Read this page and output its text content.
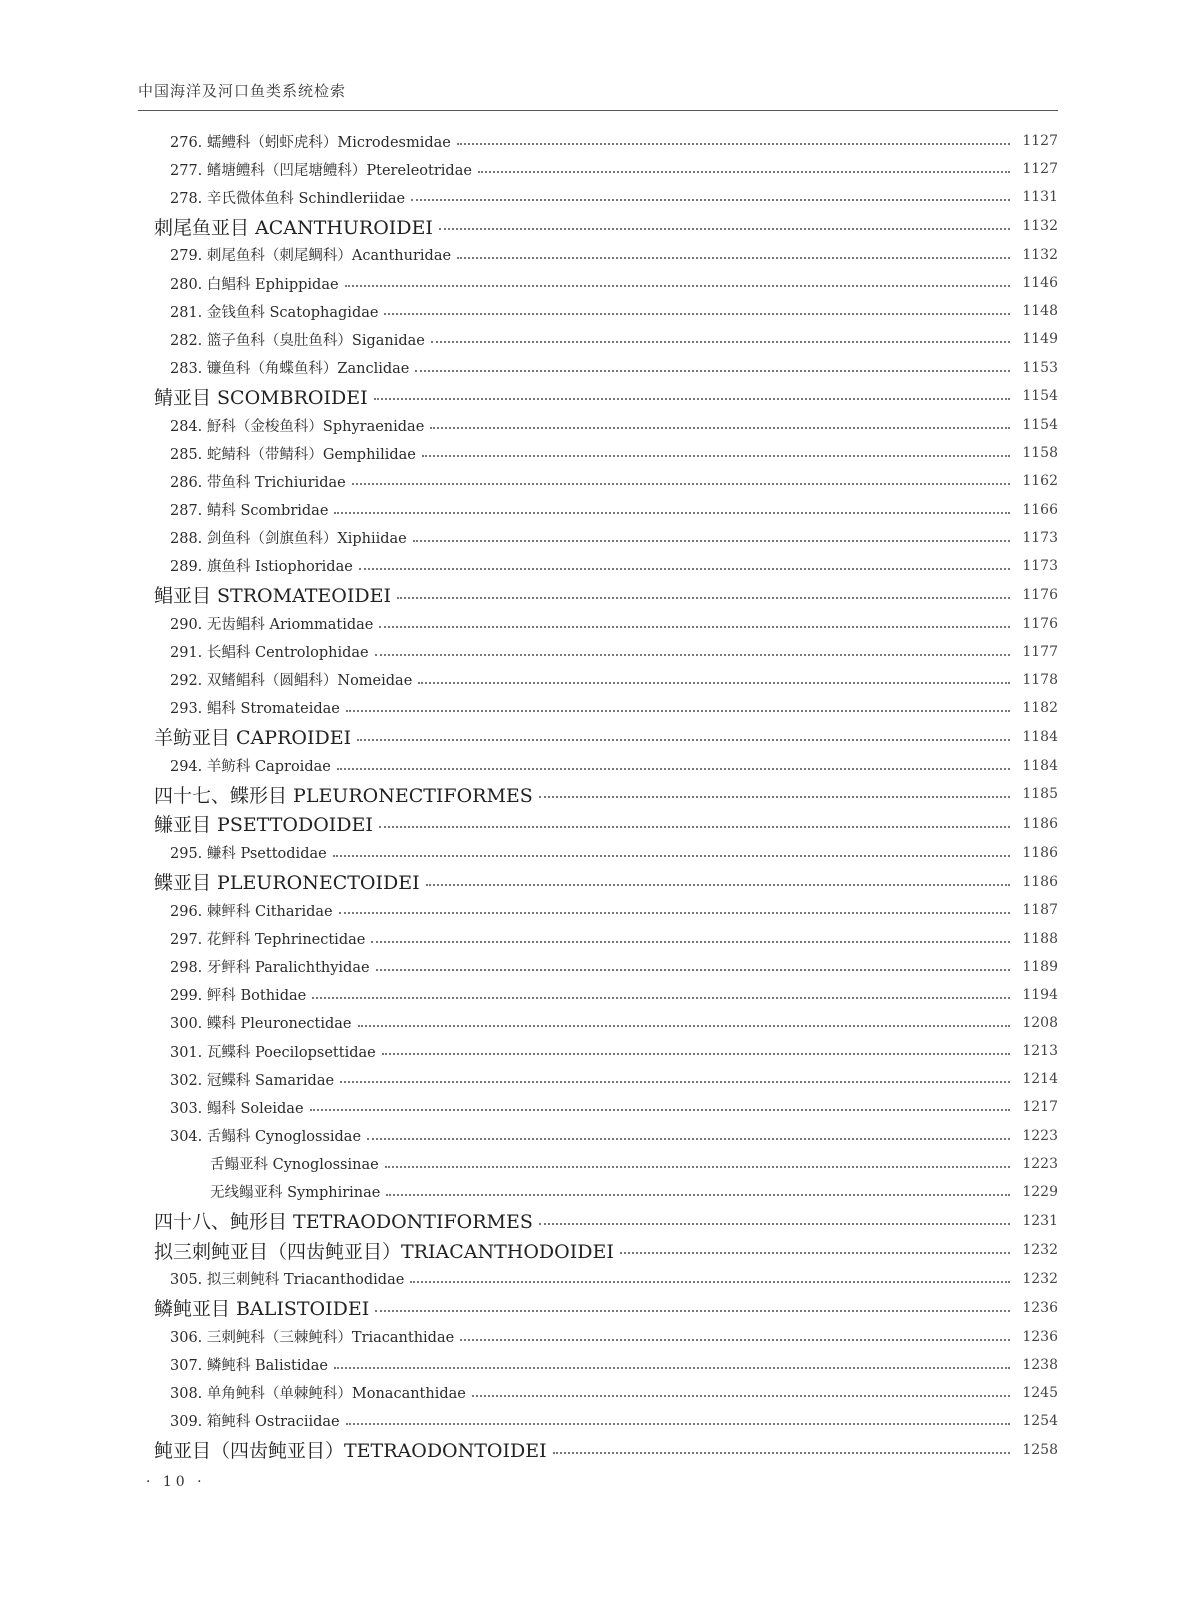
中国海洋及河口鱼类系统检索
276. 蠕鳢科（蚓虾虎科）Microdesmidae	1127
277. 鳍塘鳢科（凹尾塘鳢科）Ptereleotridae	1127
278. 辛氏微体鱼科 Schindleriidae	1131
刺尾鱼亚目 ACANTHUROIDEI	1132
279. 刺尾鱼科（刺尾鲷科）Acanthuridae	1132
280. 白鲳科 Ephippidae	1146
281. 金钱鱼科 Scatophagidae	1148
282. 篮子鱼科（臭肚鱼科）Siganidae	1149
283. 镰鱼科（角蝶鱼科）Zanclidae	1153
鲭亚目 SCOMBROIDEI	1154
284. 魣科（金梭鱼科）Sphyraenidae	1154
285. 蛇鲭科（带鲭科）Gemphilidae	1158
286. 带鱼科 Trichiuridae	1162
287. 鲭科 Scombridae	1166
288. 剑鱼科（剑旗鱼科）Xiphiidae	1173
289. 旗鱼科 Istiophoridae	1173
鲳亚目 STROMATEOIDEI	1176
290. 无齿鲳科 Ariommatidae	1176
291. 长鲳科 Centrolophidae	1177
292. 双鳍鲳科（圆鲳科）Nomeidae	1178
293. 鲳科 Stromateidae	1182
羊鲂亚目 CAPROIDEI	1184
294. 羊鲂科 Caproidae	1184
四十七、鲽形目 PLEURONECTIFORMES	1185
鳒亚目 PSETTODOIDEI	1186
295. 鳒科 Psettodidae	1186
鲽亚目 PLEURONECTOIDEI	1186
296. 棘鲆科 Citharidae	1187
297. 花鲆科 Tephrinectidae	1188
298. 牙鲆科 Paralichthyidae	1189
299. 鲆科 Bothidae	1194
300. 鲽科 Pleuronectidae	1208
301. 瓦鲽科 Poecilopsettidae	1213
302. 冠鲽科 Samaridae	1214
303. 鳎科 Soleidae	1217
304. 舌鳎科 Cynoglossidae	1223
舌鳎亚科 Cynoglossinae	1223
无线鳎亚科 Symphirinae	1229
四十八、鲀形目 TETRAODONTIFORMES	1231
拟三刺鲀亚目（四齿鲀亚目）TRIACANTHODOIDEI	1232
305. 拟三刺鲀科 Triacanthodidae	1232
鳞鲀亚目 BALISTOIDEI	1236
306. 三刺鲀科（三棘鲀科）Triacanthidae	1236
307. 鳞鲀科 Balistidae	1238
308. 单角鲀科（单棘鲀科）Monacanthidae	1245
309. 箱鲀科 Ostraciidae	1254
鲀亚目（四齿鲀亚目）TETRAODONTOIDEI	1258
· 10 ·
